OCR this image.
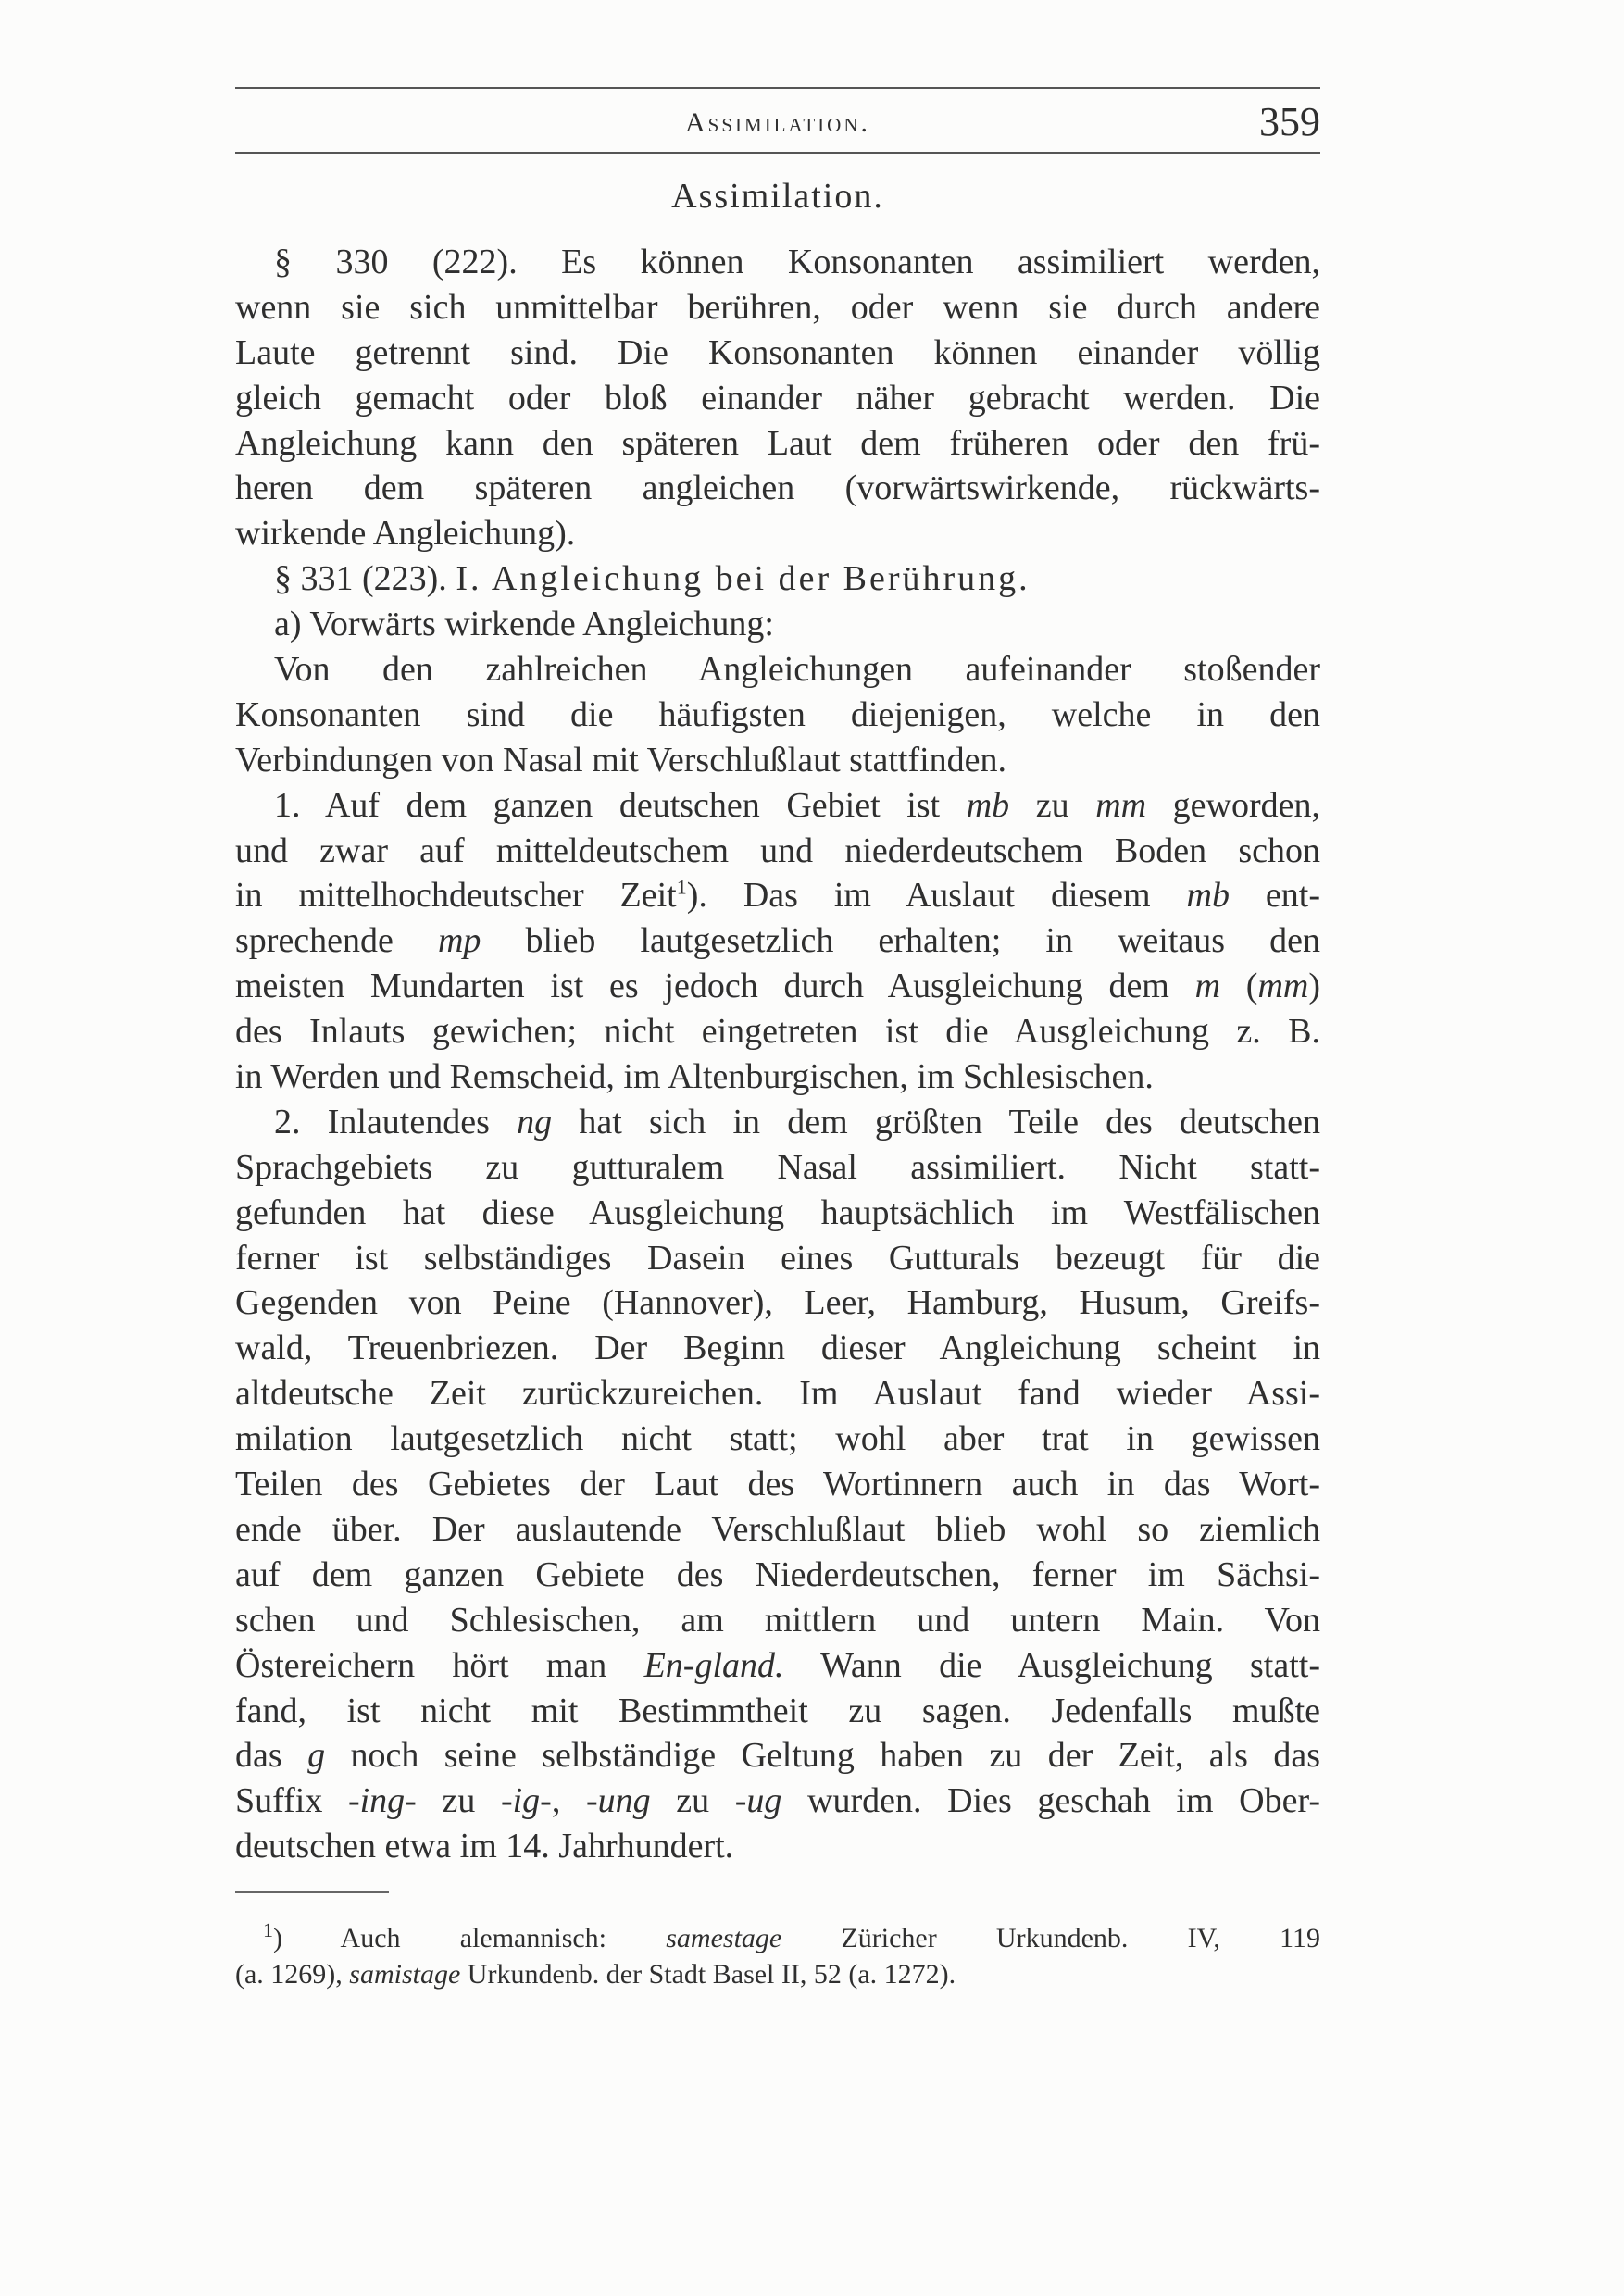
Assimilation.	359
Assimilation.
§ 330 (222). Es können Konsonanten assimiliert werden,
wenn sie sich unmittelbar berühren, oder wenn sie durch andere
Laute getrennt sind. Die Konsonanten können einander völlig
gleich gemacht oder bloß einander näher gebracht werden. Die
Angleichung kann den späteren Laut dem früheren oder den frü-
heren dem späteren angleichen (vorwärtswirkende, rückwärts-
wirkende Angleichung).
§ 331 (223). I. Angleichung bei der Berührung.
a) Vorwärts wirkende Angleichung:
Von den zahlreichen Angleichungen aufeinander stoßender
Konsonanten sind die häufigsten diejenigen, welche in den
Verbindungen von Nasal mit Verschlußlaut stattfinden.
1. Auf dem ganzen deutschen Gebiet ist mb zu mm geworden,
und zwar auf mitteldeutschem und niederdeutschem Boden schon
in mittelhochdeutscher Zeit$^1$). Das im Auslaut diesem mb ent-
sprechende mp blieb lautgesetzlich erhalten; in weitaus den
meisten Mundarten ist es jedoch durch Ausgleichung dem m (mm)
des Inlauts gewichen; nicht eingetreten ist die Ausgleichung z. B.
in Werden und Remscheid, im Altenburgischen, im Schlesischen.
2. Inlautendes ng hat sich in dem größten Teile des deutschen
Sprachgebiets zu gutturalem Nasal assimiliert. Nicht statt-
gefunden hat diese Ausgleichung hauptsächlich im Westfälischen
ferner ist selbständiges Dasein eines Gutturals bezeugt für die
Gegenden von Peine (Hannover), Leer, Hamburg, Husum, Greifs-
wald, Treuenbriezen. Der Beginn dieser Angleichung scheint in
altdeutsche Zeit zurückzureichen. Im Auslaut fand wieder Assi-
milation lautgesetzlich nicht statt; wohl aber trat in gewissen
Teilen des Gebietes der Laut des Wortinnern auch in das Wort-
ende über. Der auslautende Verschlußlaut blieb wohl so ziemlich
auf dem ganzen Gebiete des Niederdeutschen, ferner im Sächsi-
schen und Schlesischen, am mittlern und untern Main. Von
Östereichern hört man En-gland. Wann die Ausgleichung statt-
fand, ist nicht mit Bestimmtheit zu sagen. Jedenfalls mußte
das g noch seine selbständige Geltung haben zu der Zeit, als das
Suffix -ing- zu -ig-, -ung zu -ug wurden. Dies geschah im Ober-
deutschen etwa im 14. Jahrhundert.
$^1$) Auch alemannisch: samestage Züricher Urkundenb. IV, 119
(a. 1269), samistage Urkundenb. der Stadt Basel II, 52 (a. 1272).
